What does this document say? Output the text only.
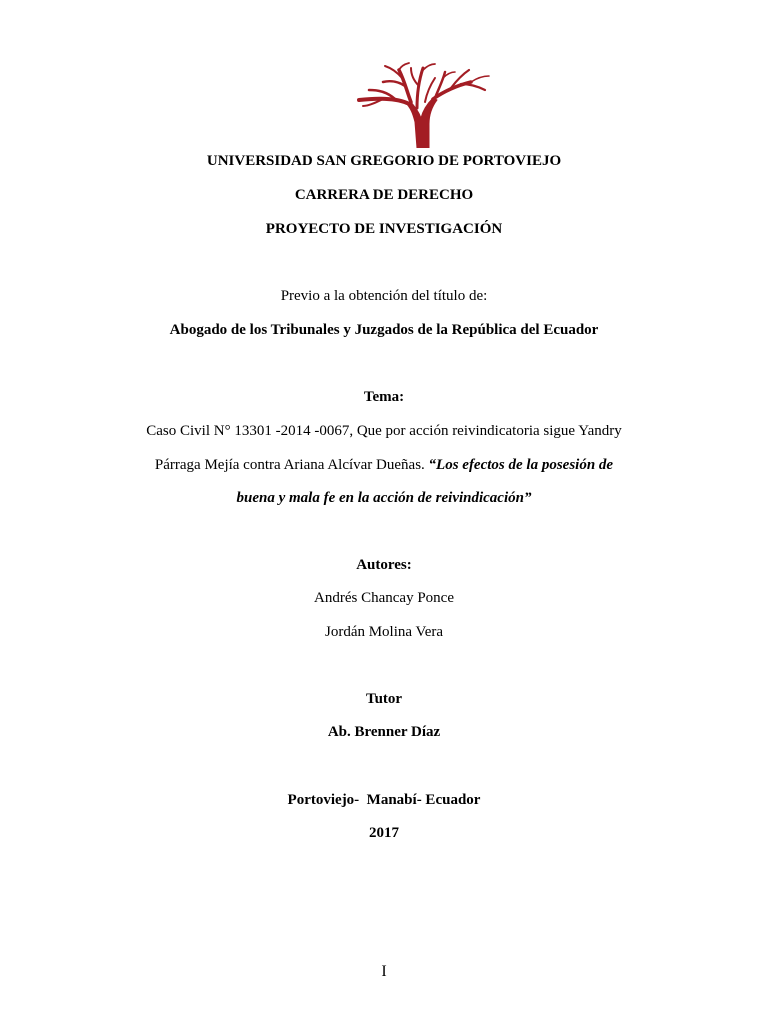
UNIVERSIDAD SAN GREGORIO DE PORTOVIEJO
CARRERA DE DERECHO
PROYECTO DE INVESTIGACIÓN
Previo a la obtención del título de:
Abogado de los Tribunales y Juzgados de la República del Ecuador
Tema:
Caso Civil N° 13301 -2014 -0067, Que por acción reivindicatoria sigue Yandry
Párraga Mejía contra Ariana Alcívar Dueñas. “Los efectos de la posesión de
buena y mala fe en la acción de reivindicación”
Autores:
Andrés Chancay Ponce
Jordán Molina Vera
Tutor
Ab. Brenner Díaz
Portoviejo-  Manabí- Ecuador
2017
I
